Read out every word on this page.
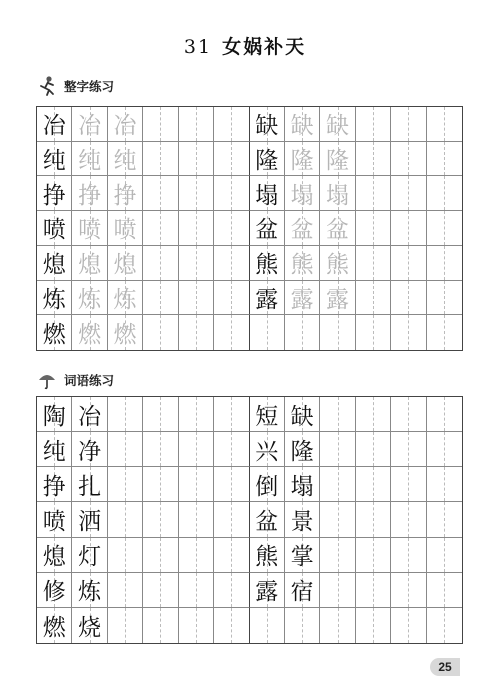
31 女娲补天
整字练习
冶 冶 冶	缺 缺 缺
纯 纯 纯	隆 隆 隆
挣 挣 挣	塌 塌 塌
喷 喷 喷	盆 盆 盆
熄 熄 熄	熊 熊 熊
炼 炼 炼	露 露 露
燃 燃 燃
词语练习
陶 冶	短 缺
纯 净	兴 隆
挣 扎	倒 塌
喷 洒	盆 景
熄 灯	熊 掌
修 炼	露 宿
燃 烧
25
